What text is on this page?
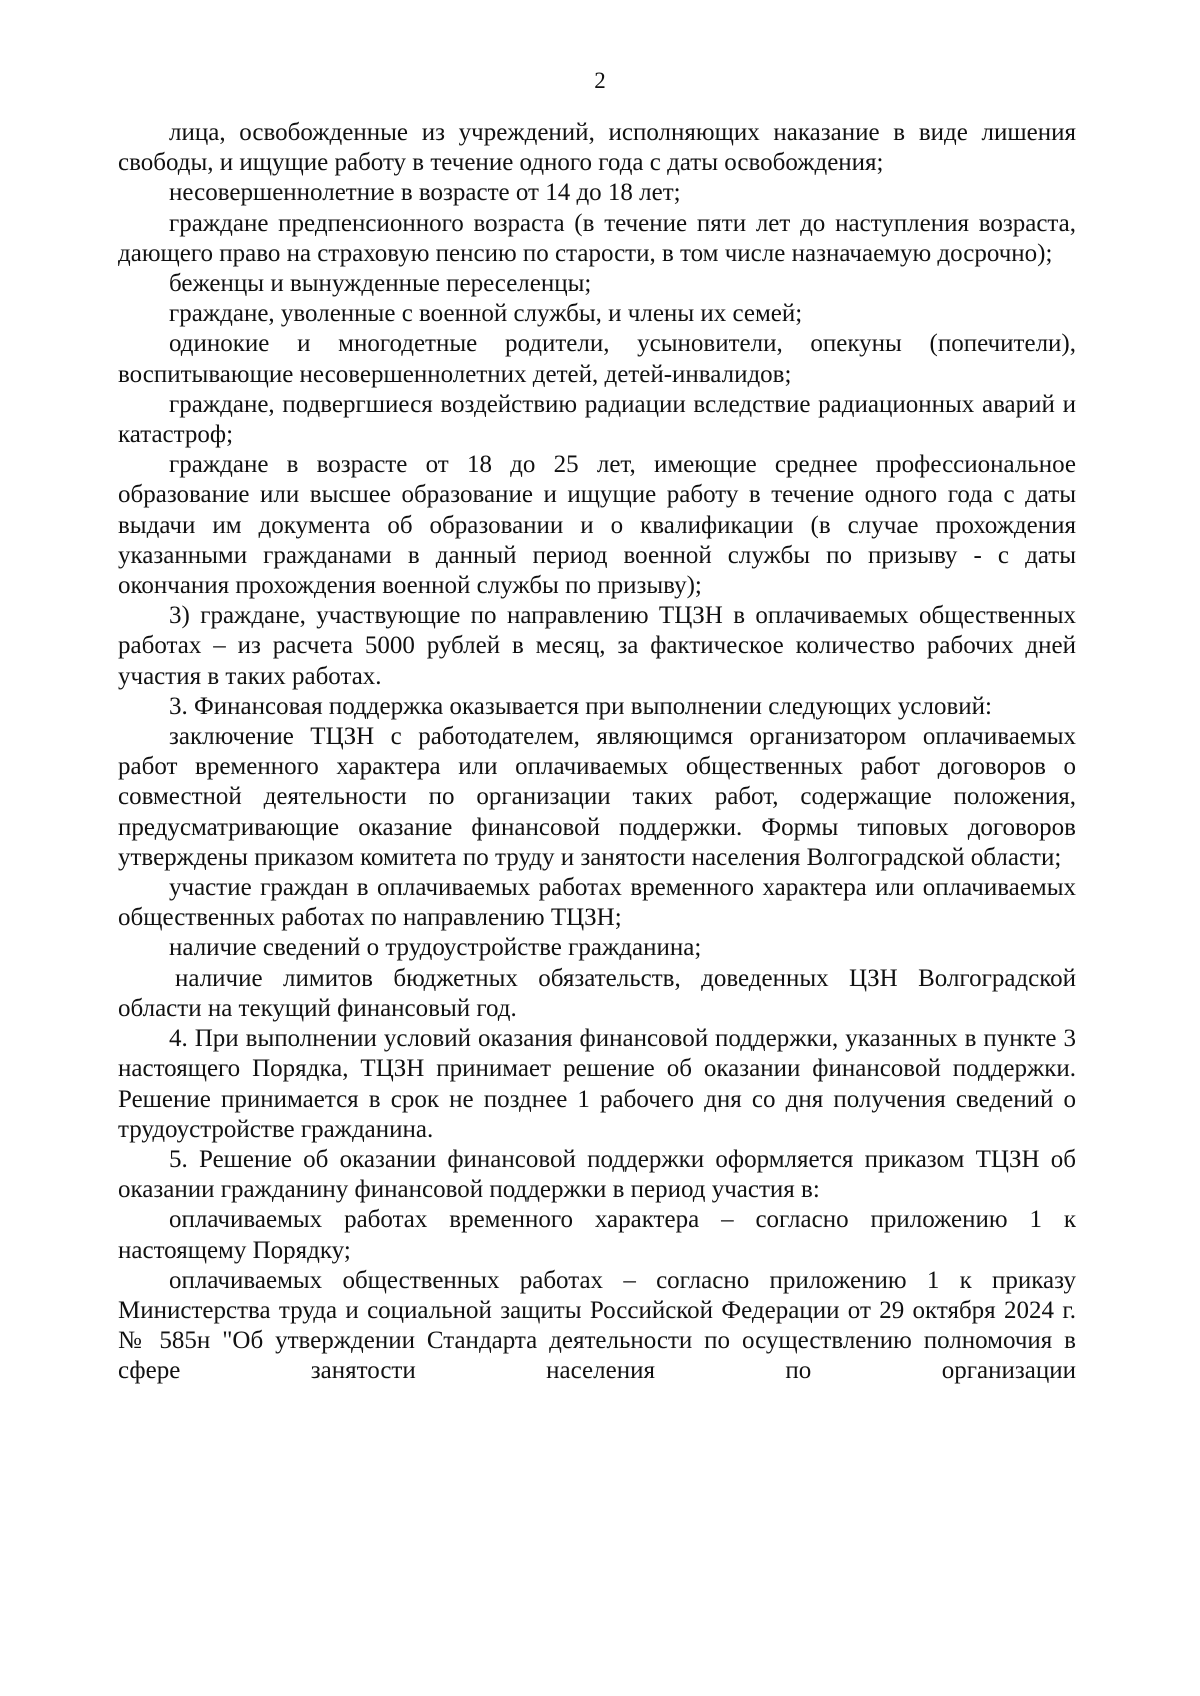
2

лица, освобожденные из учреждений, исполняющих наказание в виде лишения свободы, и ищущие работу в течение одного года с даты освобождения;

несовершеннолетние в возрасте от 14 до 18 лет;

граждане предпенсионного возраста (в течение пяти лет до наступления возраста, дающего право на страховую пенсию по старости, в том числе назначаемую досрочно);

беженцы и вынужденные переселенцы;

граждане, уволенные с военной службы, и члены их семей;

одинокие и многодетные родители, усыновители, опекуны (попечители), воспитывающие несовершеннолетних детей, детей-инвалидов;

граждане, подвергшиеся воздействию радиации вследствие радиационных аварий и катастроф;

граждане в возрасте от 18 до 25 лет, имеющие среднее профессиональное образование или высшее образование и ищущие работу в течение одного года с даты выдачи им документа об образовании и о квалификации (в случае прохождения указанными гражданами в данный период военной службы по призыву - с даты окончания прохождения военной службы по призыву);

3) граждане, участвующие по направлению ТЦЗН в оплачиваемых общественных работах – из расчета 5000 рублей в месяц, за фактическое количество рабочих дней участия в таких работах.

3. Финансовая поддержка оказывается при выполнении следующих условий:

заключение ТЦЗН с работодателем, являющимся организатором оплачиваемых работ временного характера или оплачиваемых общественных работ договоров о совместной деятельности по организации таких работ, содержащие положения, предусматривающие оказание финансовой поддержки. Формы типовых договоров утверждены приказом комитета по труду и занятости населения Волгоградской области;

участие граждан в оплачиваемых работах временного характера или оплачиваемых общественных работах по направлению ТЦЗН;

наличие сведений о трудоустройстве гражданина;

наличие лимитов бюджетных обязательств, доведенных ЦЗН Волгоградской области на текущий финансовый год.

4. При выполнении условий оказания финансовой поддержки, указанных в пункте 3 настоящего Порядка, ТЦЗН принимает решение об оказании финансовой поддержки. Решение принимается в срок не позднее 1 рабочего дня со дня получения сведений о трудоустройстве гражданина.

5. Решение об оказании финансовой поддержки оформляется приказом ТЦЗН об оказании гражданину финансовой поддержки в период участия в:

оплачиваемых работах временного характера – согласно приложению 1 к настоящему Порядку;

оплачиваемых общественных работах – согласно приложению 1 к приказу Министерства труда и социальной защиты Российской Федерации от 29 октября 2024 г. № 585н "Об утверждении Стандарта деятельности по осуществлению полномочия в сфере занятости населения по организации
